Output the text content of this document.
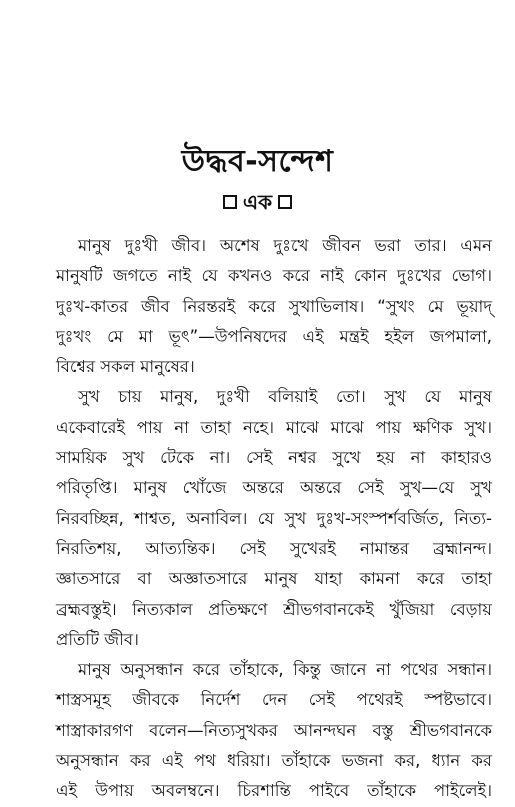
উদ্ধব-সন্দেশ
এক
মানুষ দুঃখী জীব। অশেষ দুঃখে জীবন ভরা তার। এমন
মানুষটি জগতে নাই যে কখনও করে নাই কোন দুঃখের ভোগ।
দুঃখ-কাতর জীব নিরন্তরই করে সুখাভিলাষ। “সুখং মে ভূয়াদ্
দুঃখং মে মা ভূৎ”—উপনিষদের এই মন্ত্রই হইল জপমালা,
বিশ্বের সকল মানুষের।
সুখ চায় মানুষ, দুঃখী বলিয়াই তো। সুখ যে মানুষ
একেবারেই পায় না তাহা নহে। মাঝে মাঝে পায় ক্ষণিক সুখ।
সাময়িক সুখ টেকে না। সেই নশ্বর সুখে হয় না কাহারও
পরিতৃপ্তি। মানুষ খোঁজে অন্তরে অন্তরে সেই সুখ—যে সুখ
নিরবচ্ছিন্ন, শাশ্বত, অনাবিল। যে সুখ দুঃখ-সংস্পর্শবর্জিত, নিত্য-
নিরতিশয়, আত্যন্তিক। সেই সুখেরই নামান্তর ব্রহ্মানন্দ।
জ্ঞাতসারে বা অজ্ঞাতসারে মানুষ যাহা কামনা করে তাহা
ব্রহ্মবস্তুই। নিত্যকাল প্রতিক্ষণে শ্রীভগবানকেই খুঁজিয়া বেড়ায়
প্রতিটি জীব।
মানুষ অনুসন্ধান করে তাঁহাকে, কিন্তু জানে না পথের সন্ধান।
শাস্ত্রসমূহ জীবকে নির্দেশ দেন সেই পথেরই স্পষ্টভাবে।
শাস্ত্রাকারগণ বলেন—নিত্যসুখকর আনন্দঘন বস্তু শ্রীভগবানকে
অনুসন্ধান কর এই পথ ধরিয়া। তাঁহাকে ভজনা কর, ধ্যান কর
এই উপায় অবলম্বনে। চিরশান্তি পাইবে তাঁহাকে পাইলেই।
